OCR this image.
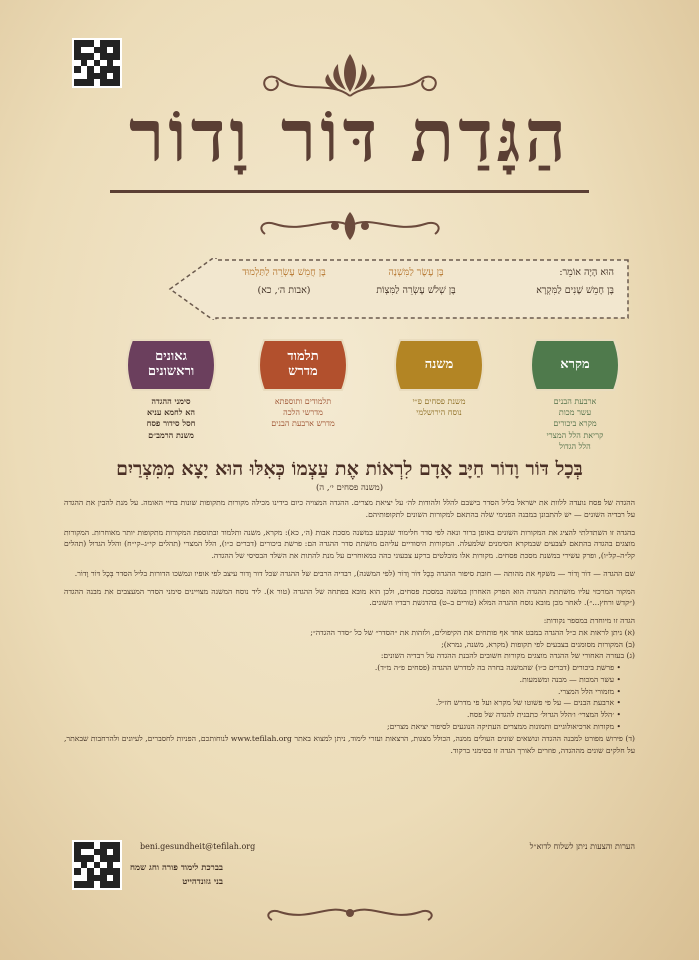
הַגָּדַת דּוֹר וָדוֹר
הוּא הָיָה אוֹמֵר:
בֶּן חָמֵשׁ שָׁנִים לַמִּקְרָא
בֶּן עֶשֶׂר לַמִּשְׁנָה
בֶּן שְׁלֹשׁ עֶשְׂרֵה לַמִּצְוֹת
בֶּן חֲמֵשׁ עֶשְׂרֵה לַתַּלְמוּד
(אבות ה׳, כא)
מקרא
ארבעת הבנים
עשר מכות
מקרא ביכורים
קריאת הלל המצרי
הלל הגדול
משנה
משנת פסחים פ״י
נוסח הירושלמי
תלמוד
מדרש
תלמודים ותוספתא
מדרשי הלכה
מדרש ארבעת הבנים
גאונים
וראשונים
סימני ההגדה
הא לחמא עניא
חסל סידור פסח
משנת הרמב״ם
בְּכָל דּוֹר וָדוֹר חַיָּב אָדָם לִרְאוֹת אֶת עַצְמוֹ כְּאִלּוּ הוּא יָצָא מִמִּצְרַיִם
(משנה פסחים י׳, ה)

ההגדה של פסח נועדה ללוות את ישראל בליל הסדר בישבם להלל ולהודות לה׳ על יציאת מצרים. ההגדה המצויה כיום בידינו מכילה מקורות מתקופות שונות בחיי האומה. על מנת להבין את ההגדה על רבדיה השונים — יש להתבונן במבנה הפנימי שלה בהתאם למקורות השונים לתקופותיהם.

בהגדה זו השתדלתי להציג את המקורות השונים באופן ברור ונאה לפי סדר חלימוד שנקבע במשנה מסכת אבות (ה׳, כא): מקרא, משנה ותלמוד ובתוספת המקורות מתקופות יותר מאוחרות. המקורות מוצגים בהגדה בהתאם לצבעים שבמקרא הסימנים שלמעלה. המקורות היסודיים עליהם מושתת סדר ההגדה הם: פרשת ביכורים (דברים כ״ו), הלל המצרי (תהלים קי״ג–קי״ח) והלל הגדול (תהלים קל״ה–קל״ו), ופרק עשירי במשנת מסכת פסחים. מקורות אלו מובלטים ברקע צבעוני כהה במאוחרים על מנת להתות את השלד הבסיסי של ההגדה.

שם ההגדה — דוֹר וָדוֹר — משקף את מהותה — חובת סיפור ההגדה בְּכָל דּוֹר וָדוֹר (לפי המשנה), רבדיה הרבים של ההגדה שכל דור וָדור עיצב לפי אופיו ונמשכו הדורות בליל הסדר בְּכָל דּוֹר וָדוֹר.

המקור המרכזי עליו מושתתת ההגדה הוא הפרק האחרון במשנה במסכת פסחים, ולכן הוא מובא בפתחה של ההגדה (טור א). ליד נוסח המשנה מצויינים סימני הסדר המעצבים את מבנה ההגדה (״קדש ורחץ...״). לאחר מכן מובא נוסח ההגדה המלא (טורים ב–ט) בהדגשת רבדיו השונים.

הגדה זו מיוחדת במספר נקודות:
(א) ניתן לראות את כ״ל ההגדה במבט אחד אף פותחים את הקיפולים, ולזהות את ״הסדר״ של כל ״סדר ההגדה״;
(ב) המקורות מסומנים בצבעים לפי תקופות (מקרא, משנה, גמרא);
(ג) בעזרה האחורי של ההגדה מוצגים מקורות חשובים להבנת ההגדה על רבדיה השונים:
• פרשת ביכורים (דברים כ״ו) שהמשנה בחרה בה למדרש ההגדה (פסחים פ״ה מ״ד).
• עשר המכות — מבנה ומשמעות.
• מזמורי הלל המצרי.
• ארבעת הבנים — על פי פשוטו של מקרא ועל פי מדרש חז״ל.
• ׳הלל המצרי׳ ו׳הלל הגדול׳ כתבנית להגדה של פסח.
• מקורות ארכיאולוגיים ותמונות ממצרים העתיקה הנוגעים לסיפור יציאת מצרים;
(ד) פירוש מפורט למבנה ההגדה ונושאים שונים העולים ממנה, הכולל מצגות, הרצאות ועזרי לימוד, ניתן למצוא באתר www.tefilah.org לנוחותכם, הפניות לחסברים, לעיונים ולהרחבות שבאתר, על חלקים שונים מההגדה, פוזרים לאורך הגדה זו בסימני ברקוד.
הערות והצעות ניתן לשלוח לדוא״ל
beni.gesundheit@tefilah.org
בברכת לימוד פורה וחג שמח
בני גזונדהייט
